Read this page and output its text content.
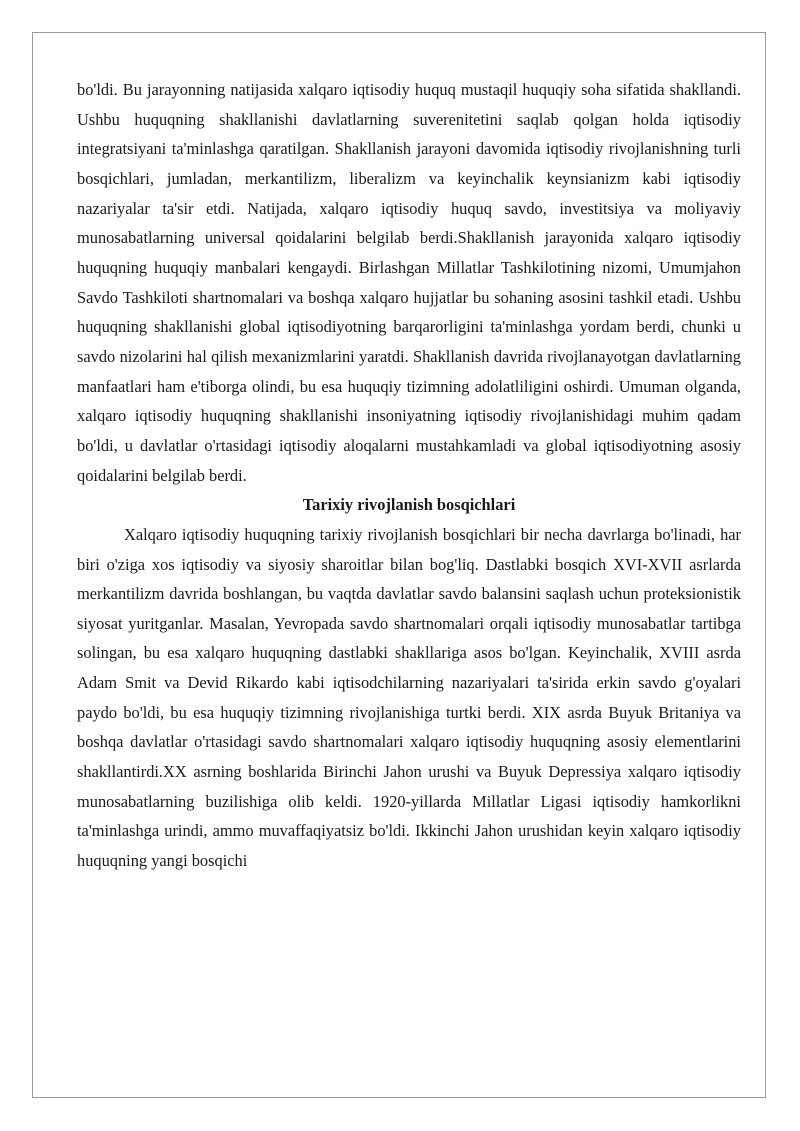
bo'ldi. Bu jarayonning natijasida xalqaro iqtisodiy huquq mustaqil huquqiy soha sifatida shakllandi. Ushbu huquqning shakllanishi davlatlarning suverenitetini saqlab qolgan holda iqtisodiy integratsiyani ta'minlashga qaratilgan. Shakllanish jarayoni davomida iqtisodiy rivojlanishning turli bosqichlari, jumladan, merkantilizm, liberalizm va keyinchalik keynsianizm kabi iqtisodiy nazariyalar ta'sir etdi. Natijada, xalqaro iqtisodiy huquq savdo, investitsiya va moliyaviy munosabatlarning universal qoidalarini belgilab berdi.Shakllanish jarayonida xalqaro iqtisodiy huquqning huquqiy manbalari kengaydi. Birlashgan Millatlar Tashkilotining nizomi, Umumjahon Savdo Tashkiloti shartnomalari va boshqa xalqaro hujjatlar bu sohaning asosini tashkil etadi. Ushbu huquqning shakllanishi global iqtisodiyotning barqarorligini ta'minlashga yordam berdi, chunki u savdo nizolarini hal qilish mexanizmlarini yaratdi. Shakllanish davrida rivojlanayotgan davlatlarning manfaatlari ham e'tiborga olindi, bu esa huquqiy tizimning adolatliligini oshirdi. Umuman olganda, xalqaro iqtisodiy huquqning shakllanishi insoniyatning iqtisodiy rivojlanishidagi muhim qadam bo'ldi, u davlatlar o'rtasidagi iqtisodiy aloqalarni mustahkamladi va global iqtisodiyotning asosiy qoidalarini belgilab berdi.

Tarixiy rivojlanish bosqichlari

Xalqaro iqtisodiy huquqning tarixiy rivojlanish bosqichlari bir necha davrlarga bo'linadi, har biri o'ziga xos iqtisodiy va siyosiy sharoitlar bilan bog'liq. Dastlabki bosqich XVI-XVII asrlarda merkantilizm davrida boshlangan, bu vaqtda davlatlar savdo balansini saqlash uchun proteksionistik siyosat yuritganlar. Masalan, Yevropada savdo shartnomalari orqali iqtisodiy munosabatlar tartibga solingan, bu esa xalqaro huquqning dastlabki shakllariga asos bo'lgan. Keyinchalik, XVIII asrda Adam Smit va Devid Rikardo kabi iqtisodchilarning nazariyalari ta'sirida erkin savdo g'oyalari paydo bo'ldi, bu esa huquqiy tizimning rivojlanishiga turtki berdi. XIX asrda Buyuk Britaniya va boshqa davlatlar o'rtasidagi savdo shartnomalari xalqaro iqtisodiy huquqning asosiy elementlarini shakllantirdi.XX asrning boshlarida Birinchi Jahon urushi va Buyuk Depressiya xalqaro iqtisodiy munosabatlarning buzilishiga olib keldi. 1920-yillarda Millatlar Ligasi iqtisodiy hamkorlikni ta'minlashga urindi, ammo muvaffaqiyatsiz bo'ldi. Ikkinchi Jahon urushidan keyin xalqaro iqtisodiy huquqning yangi bosqichi
